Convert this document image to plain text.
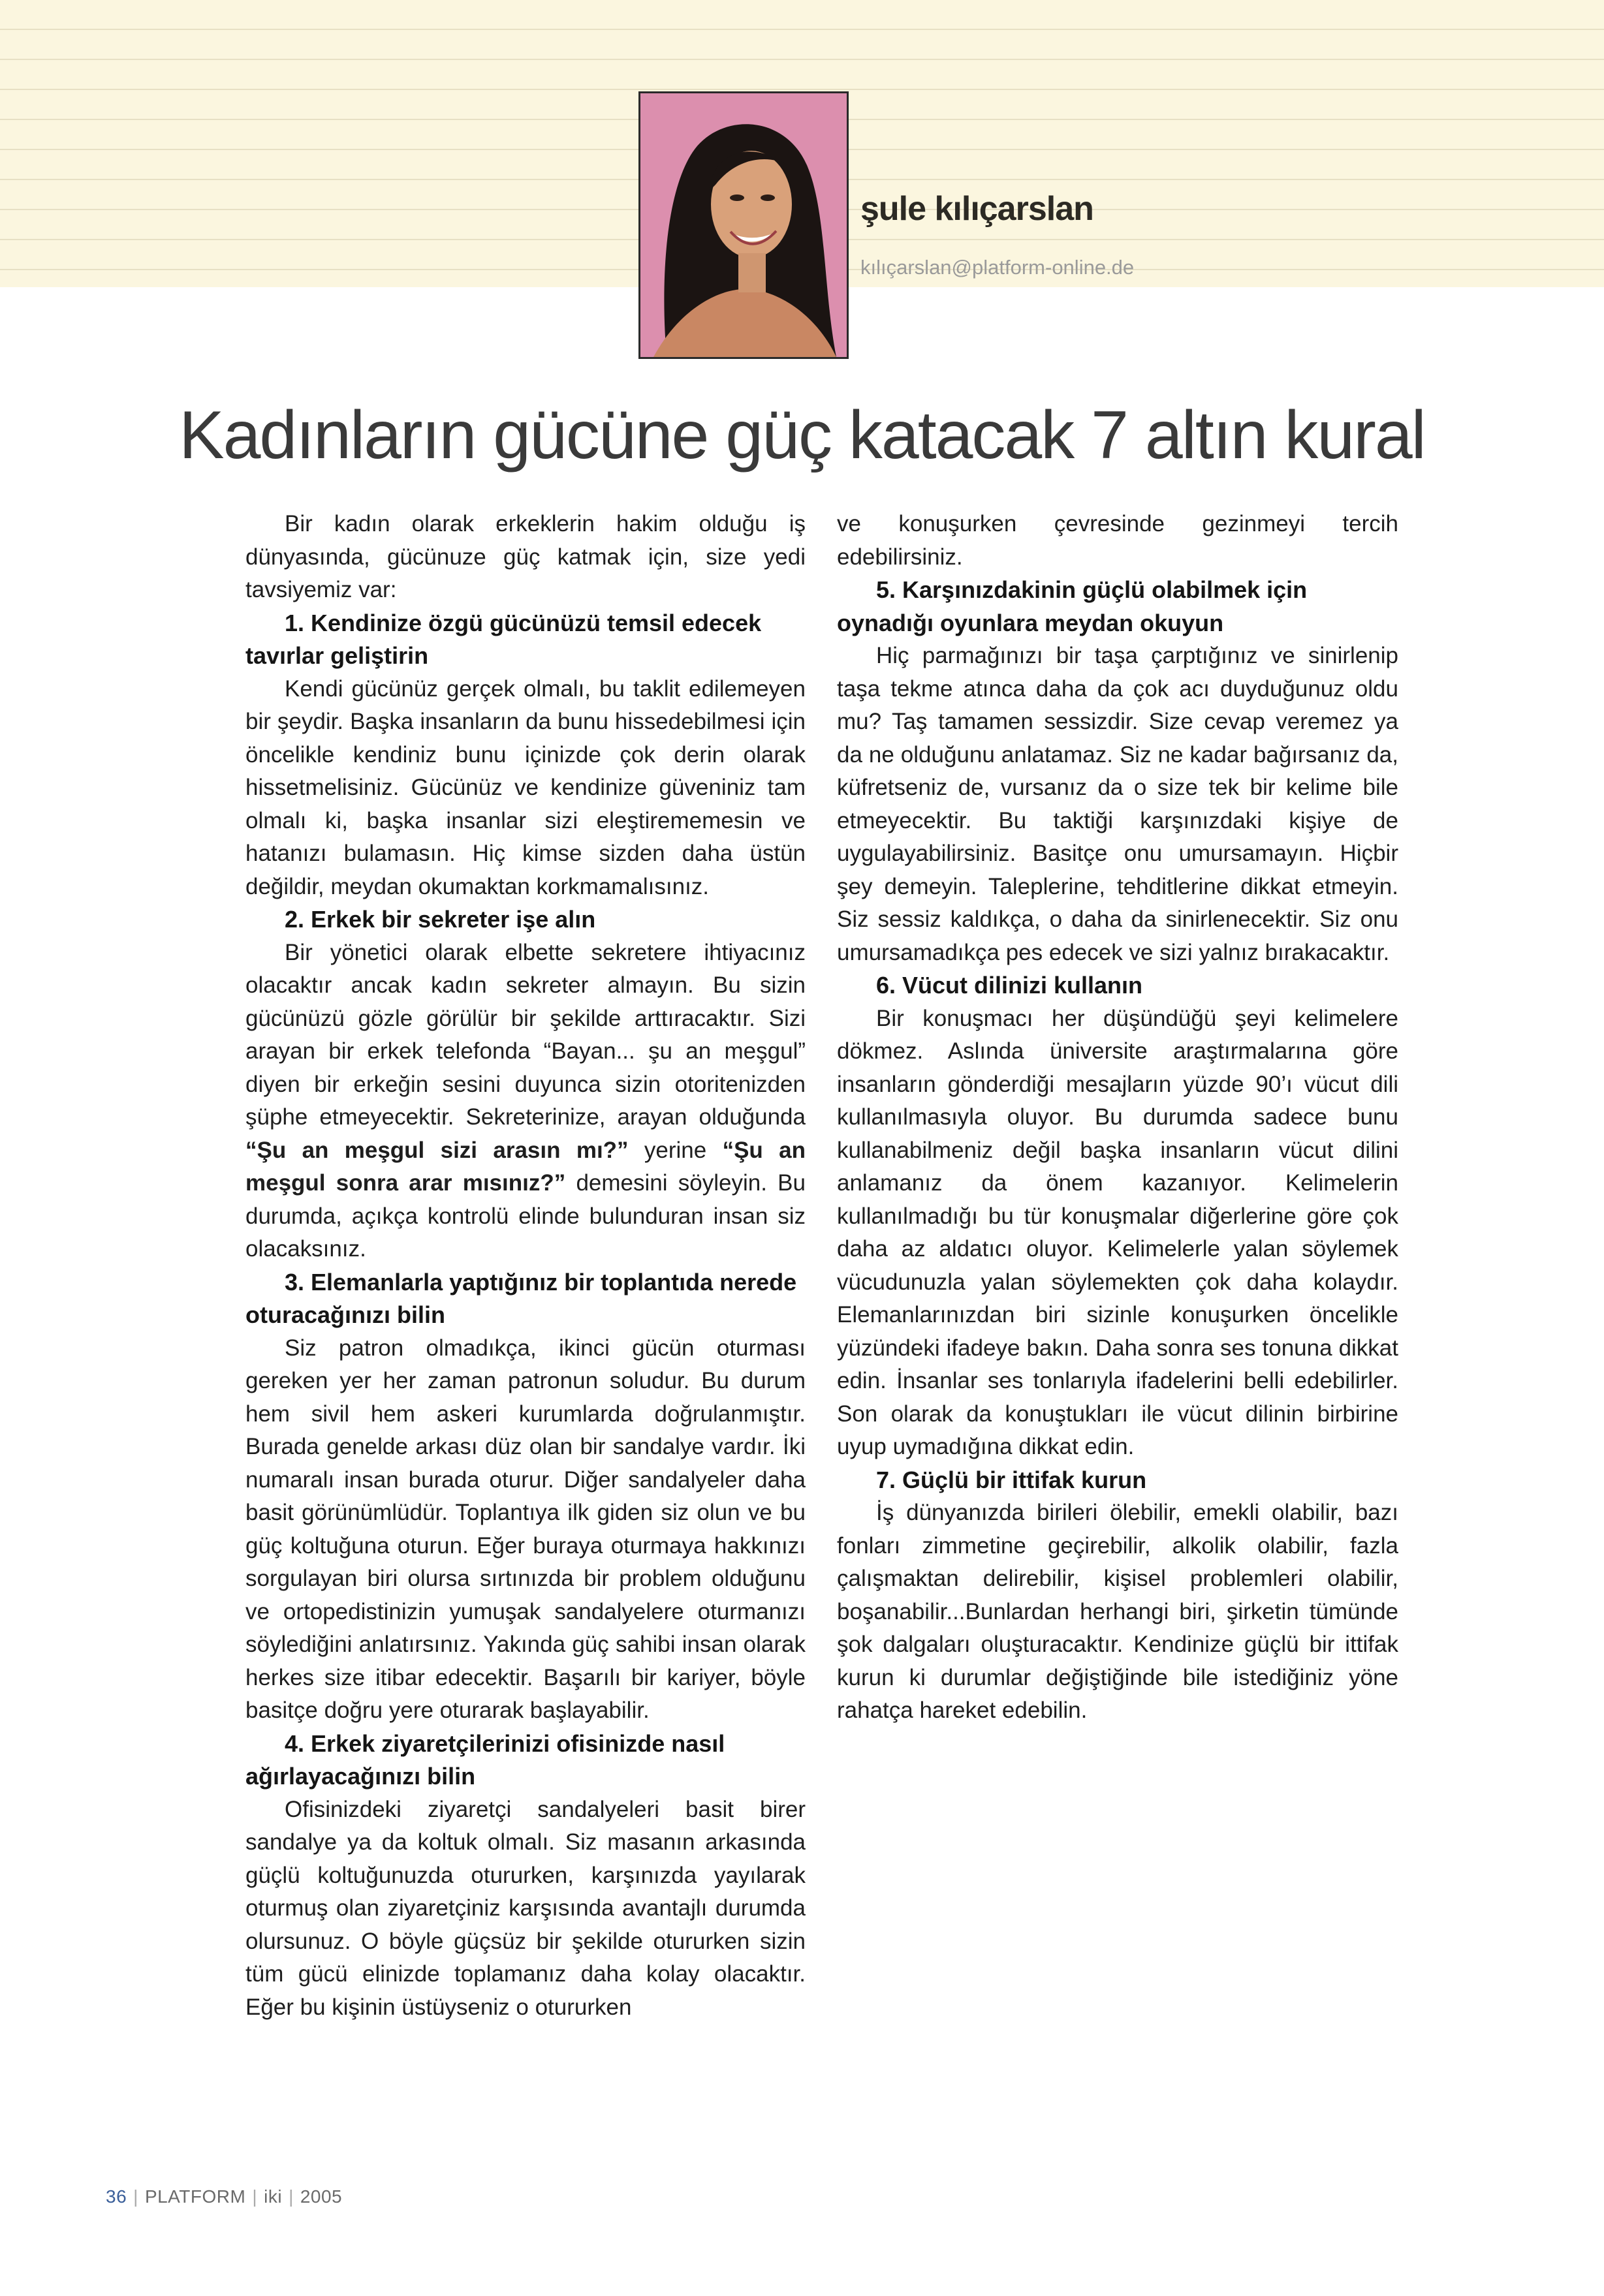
şule kılıçarslan
kılıçarslan@platform-online.de
Kadınların gücüne güç katacak 7 altın kural

Bir kadın olarak erkeklerin hakim olduğu iş dünyasında, gücünuze güç katmak için, size yedi tavsiyemiz var:

1. Kendinize özgü gücünüzü temsil edecek tavırlar geliştirin

Kendi gücünüz gerçek olmalı, bu taklit edilemeyen bir şeydir. Başka insanların da bunu hissedebilmesi için öncelikle kendiniz bunu içinizde çok derin olarak hissetmelisiniz. Gücünüz ve kendinize güveniniz tam olmalı ki, başka insanlar sizi eleştirememesin ve hatanızı bulamasın. Hiç kimse sizden daha üstün değildir, meydan okumaktan korkmamalısınız.

2. Erkek bir sekreter işe alın

Bir yönetici olarak elbette sekretere ihtiyacınız olacaktır ancak kadın sekreter almayın. Bu sizin gücünüzü gözle görülür bir şekilde arttıracaktır. Sizi arayan bir erkek telefonda “Bayan... şu an meşgul” diyen bir erkeğin sesini duyunca sizin otoritenizden şüphe etmeyecektir. Sekreterinize, arayan olduğunda “Şu an meşgul sizi arasın mı?” yerine “Şu an meşgul sonra arar mısınız?” demesini söyleyin. Bu durumda, açıkça kontrolü elinde bulunduran insan siz olacaksınız.

3. Elemanlarla yaptığınız bir toplantıda nerede oturacağınızı bilin

Siz patron olmadıkça, ikinci gücün oturması gereken yer her zaman patronun soludur. Bu durum hem sivil hem askeri kurumlarda doğrulanmıştır. Burada genelde arkası düz olan bir sandalye vardır. İki numaralı insan burada oturur. Diğer sandalyeler daha basit görünümlüdür. Toplantıya ilk giden siz olun ve bu güç koltuğuna oturun. Eğer buraya oturmaya hakkınızı sorgulayan biri olursa sırtınızda bir problem olduğunu ve ortopedistinizin yumuşak sandalyelere oturmanızı söylediğini anlatırsınız. Yakında güç sahibi insan olarak herkes size itibar edecektir. Başarılı bir kariyer, böyle basitçe doğru yere oturarak başlayabilir.

4. Erkek ziyaretçilerinizi ofisinizde nasıl ağırlayacağınızı bilin

Ofisinizdeki ziyaretçi sandalyeleri basit birer sandalye ya da koltuk olmalı. Siz masanın arkasında güçlü koltuğunuzda otururken, karşınızda yayılarak oturmuş olan ziyaretçiniz karşısında avantajlı durumda olursunuz. O böyle güçsüz bir şekilde otururken sizin tüm gücü elinizde toplamanız daha kolay olacaktır. Eğer bu kişinin üstüyseniz o otururken

ve konuşurken çevresinde gezinmeyi tercih edebilirsiniz.

5. Karşınızdakinin güçlü olabilmek için oynadığı oyunlara meydan okuyun

Hiç parmağınızı bir taşa çarptığınız ve sinirlenip taşa tekme atınca daha da çok acı duyduğunuz oldu mu? Taş tamamen sessizdir. Size cevap veremez ya da ne olduğunu anlatamaz. Siz ne kadar bağırsanız da, küfretseniz de, vursanız da o size tek bir kelime bile etmeyecektir. Bu taktiği karşınızdaki kişiye de uygulayabilirsiniz. Basitçe onu umursamayın. Hiçbir şey demeyin. Taleplerine, tehditlerine dikkat etmeyin. Siz sessiz kaldıkça, o daha da sinirlenecektir. Siz onu umursamadıkça pes edecek ve sizi yalnız bırakacaktır.

6. Vücut dilinizi kullanın

Bir konuşmacı her düşündüğü şeyi kelimelere dökmez. Aslında üniversite araştırmalarına göre insanların gönderdiği mesajların yüzde 90’ı vücut dili kullanılmasıyla oluyor. Bu durumda sadece bunu kullanabilmeniz değil başka insanların vücut dilini anlamanız da önem kazanıyor. Kelimelerin kullanılmadığı bu tür konuşmalar diğerlerine göre çok daha az aldatıcı oluyor. Kelimelerle yalan söylemek vücudunuzla yalan söylemekten çok daha kolaydır. Elemanlarınızdan biri sizinle konuşurken öncelikle yüzündeki ifadeye bakın. Daha sonra ses tonuna dikkat edin. İnsanlar ses tonlarıyla ifadelerini belli edebilirler. Son olarak da konuştukları ile vücut dilinin birbirine uyup uymadığına dikkat edin.

7. Güçlü bir ittifak kurun

İş dünyanızda birileri ölebilir, emekli olabilir, bazı fonları zimmetine geçirebilir, alkolik olabilir, fazla çalışmaktan delirebilir, kişisel problemleri olabilir, boşanabilir...Bunlardan herhangi biri, şirketin tümünde şok dalgaları oluşturacaktır. Kendinize güçlü bir ittifak kurun ki durumlar değiştiğinde bile istediğiniz yöne rahatça hareket edebilin.

36 | PLATFORM | iki | 2005
